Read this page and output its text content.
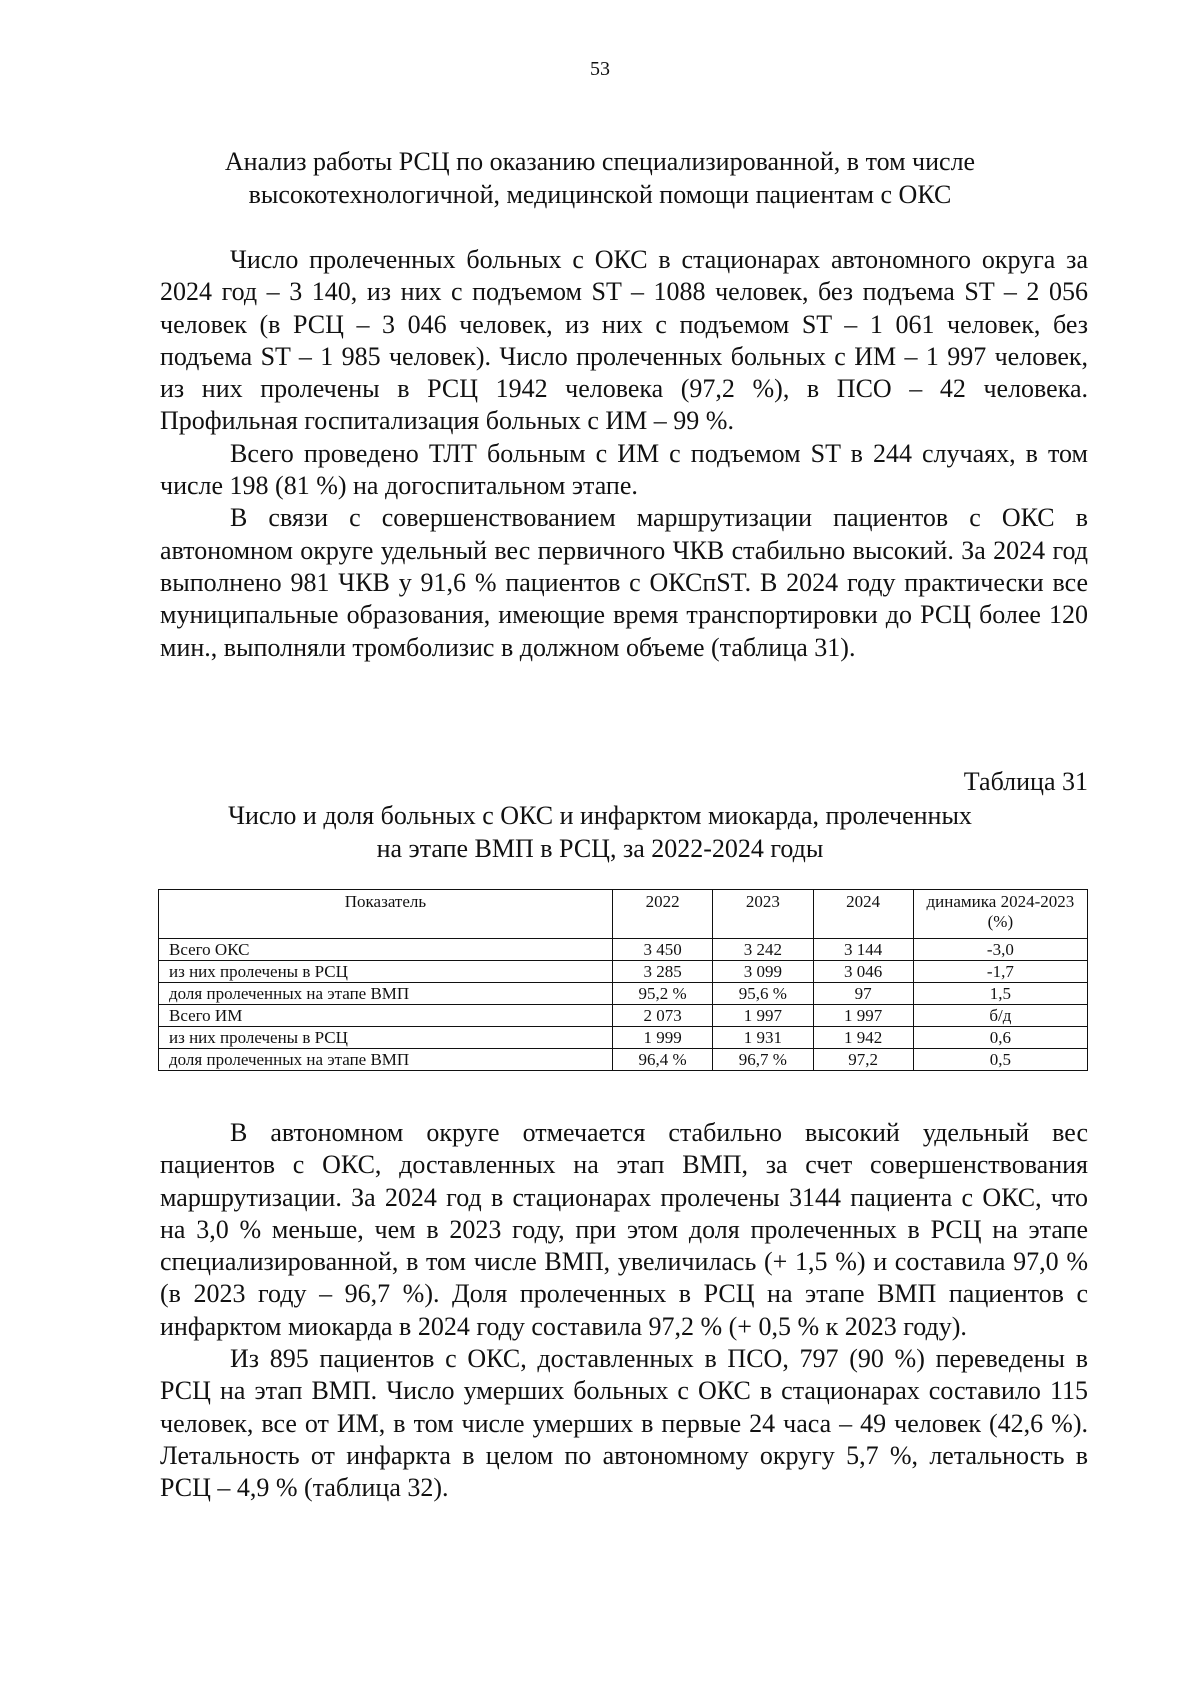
53
Анализ работы РСЦ по оказанию специализированной, в том числе
высокотехнологичной, медицинской помощи пациентам с ОКС

Число пролеченных больных с ОКС в стационарах автономного округа за 2024 год – 3 140, из них с подъемом ST – 1088 человек, без подъема ST – 2 056 человек (в РСЦ – 3 046 человек, из них с подъемом ST – 1 061 человек, без подъема ST – 1 985 человек). Число пролеченных больных с ИМ – 1 997 человек, из них пролечены в РСЦ 1942 человека (97,2 %), в ПСО – 42 человека. Профильная госпитализация больных с ИМ – 99 %.

Всего проведено ТЛТ больным с ИМ с подъемом ST в 244 случаях, в том числе 198 (81 %) на догоспитальном этапе.

В связи с совершенствованием маршрутизации пациентов с ОКС в автономном округе удельный вес первичного ЧКВ стабильно высокий. За 2024 год выполнено 981 ЧКВ у 91,6 % пациентов с ОКСпST. В 2024 году практически все муниципальные образования, имеющие время транспортировки до РСЦ более 120 мин., выполняли тромболизис в должном объеме (таблица 31).

Таблица 31
Число и доля больных с ОКС и инфарктом миокарда, пролеченных
на этапе ВМП в РСЦ, за 2022-2024 годы
Показатель	2022	2023	2024	динамика 2024-2023 (%)
Всего ОКС	3 450	3 242	3 144	-3,0
из них пролечены в РСЦ	3 285	3 099	3 046	-1,7
доля пролеченных на этапе ВМП	95,2 %	95,6 %	97	1,5
Всего ИМ	2 073	1 997	1 997	б/д
из них пролечены в РСЦ	1 999	1 931	1 942	0,6
доля пролеченных на этапе ВМП	96,4 %	96,7 %	97,2	0,5

В автономном округе отмечается стабильно высокий удельный вес пациентов с ОКС, доставленных на этап ВМП, за счет совершенствования маршрутизации. За 2024 год в стационарах пролечены 3144 пациента с ОКС, что на 3,0 % меньше, чем в 2023 году, при этом доля пролеченных в РСЦ на этапе специализированной, в том числе ВМП, увеличилась (+ 1,5 %) и составила 97,0 % (в 2023 году – 96,7 %). Доля пролеченных в РСЦ на этапе ВМП пациентов с инфарктом миокарда в 2024 году составила 97,2 % (+ 0,5 % к 2023 году).

Из 895 пациентов с ОКС, доставленных в ПСО, 797 (90 %) переведены в РСЦ на этап ВМП. Число умерших больных с ОКС в стационарах составило 115 человек, все от ИМ, в том числе умерших в первые 24 часа – 49 человек (42,6 %). Летальность от инфаркта в целом по автономному округу 5,7 %, летальность в РСЦ – 4,9 % (таблица 32).
